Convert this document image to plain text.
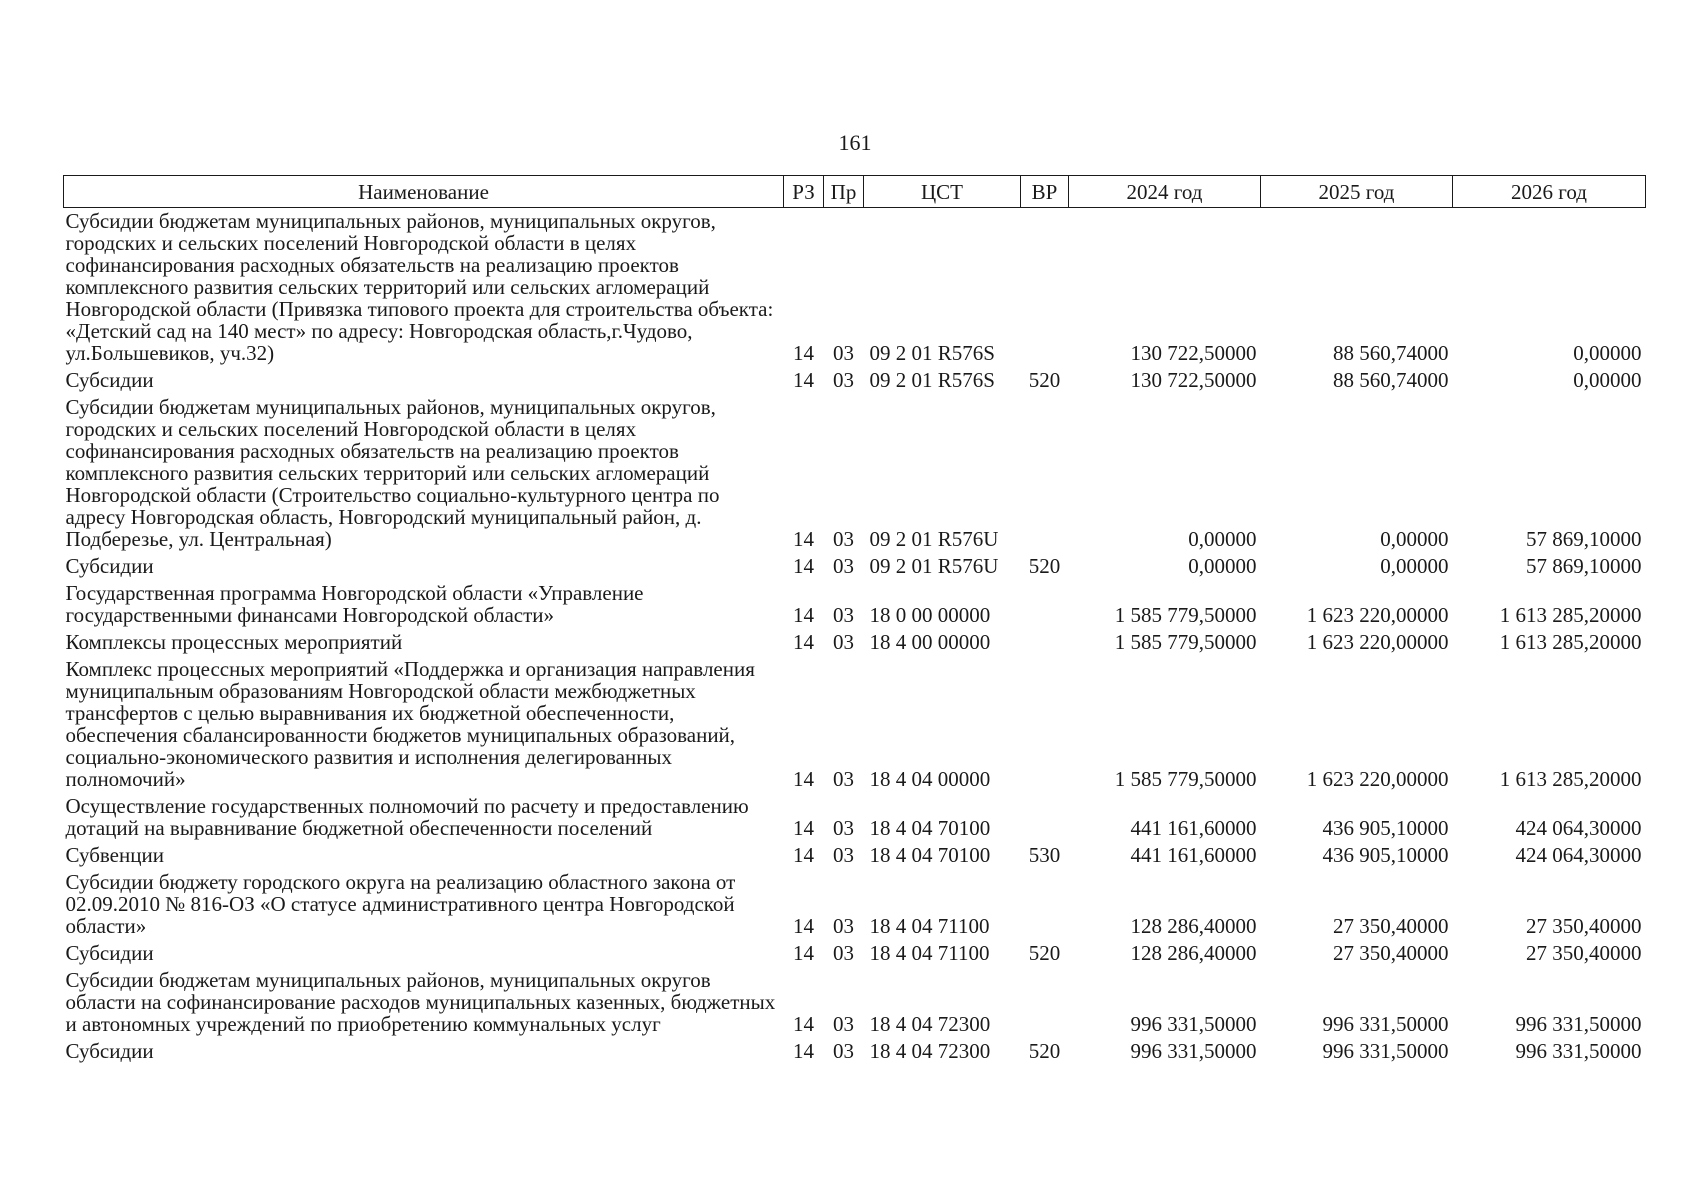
161
Наименование	РЗ	Пр	ЦСТ	ВР	2024 год	2025 год	2026 год
Субсидии бюджетам муниципальных районов, муниципальных округов, городских и сельских поселений Новгородской области в целях софинансирования расходных обязательств на реализацию проектов комплексного развития сельских территорий или сельских агломераций Новгородской области (Привязка типового проекта для строительства объекта: «Детский сад на 140 мест» по адресу: Новгородская область,г.Чудово, ул.Большевиков, уч.32)	14	03	09 2 01 R576S		130 722,50000	88 560,74000	0,00000
Субсидии	14	03	09 2 01 R576S	520	130 722,50000	88 560,74000	0,00000
Субсидии бюджетам муниципальных районов, муниципальных округов, городских и сельских поселений Новгородской области в целях софинансирования расходных обязательств на реализацию проектов комплексного развития сельских территорий или сельских агломераций Новгородской области (Строительство социально-культурного центра по адресу Новгородская область, Новгородский муниципальный район, д. Подберезье, ул. Центральная)	14	03	09 2 01 R576U		0,00000	0,00000	57 869,10000
Субсидии	14	03	09 2 01 R576U	520	0,00000	0,00000	57 869,10000
Государственная программа Новгородской области «Управление государственными финансами Новгородской области»	14	03	18 0 00 00000		1 585 779,50000	1 623 220,00000	1 613 285,20000
Комплексы процессных мероприятий	14	03	18 4 00 00000		1 585 779,50000	1 623 220,00000	1 613 285,20000
Комплекс процессных мероприятий «Поддержка и организация направления муниципальным образованиям Новгородской области межбюджетных трансфертов с целью выравнивания их бюджетной обеспеченности, обеспечения сбалансированности бюджетов муниципальных образований, социально-экономического развития и исполнения делегированных полномочий»	14	03	18 4 04 00000		1 585 779,50000	1 623 220,00000	1 613 285,20000
Осуществление государственных полномочий по расчету и предоставлению дотаций на выравнивание бюджетной обеспеченности поселений	14	03	18 4 04 70100		441 161,60000	436 905,10000	424 064,30000
Субвенции	14	03	18 4 04 70100	530	441 161,60000	436 905,10000	424 064,30000
Субсидии бюджету городского округа на реализацию областного закона от 02.09.2010 № 816-ОЗ «О статусе административного центра Новгородской области»	14	03	18 4 04 71100		128 286,40000	27 350,40000	27 350,40000
Субсидии	14	03	18 4 04 71100	520	128 286,40000	27 350,40000	27 350,40000
Субсидии бюджетам муниципальных районов, муниципальных округов области на софинансирование расходов муниципальных казенных, бюджетных и автономных учреждений по приобретению коммунальных услуг	14	03	18 4 04 72300		996 331,50000	996 331,50000	996 331,50000
Субсидии	14	03	18 4 04 72300	520	996 331,50000	996 331,50000	996 331,50000
